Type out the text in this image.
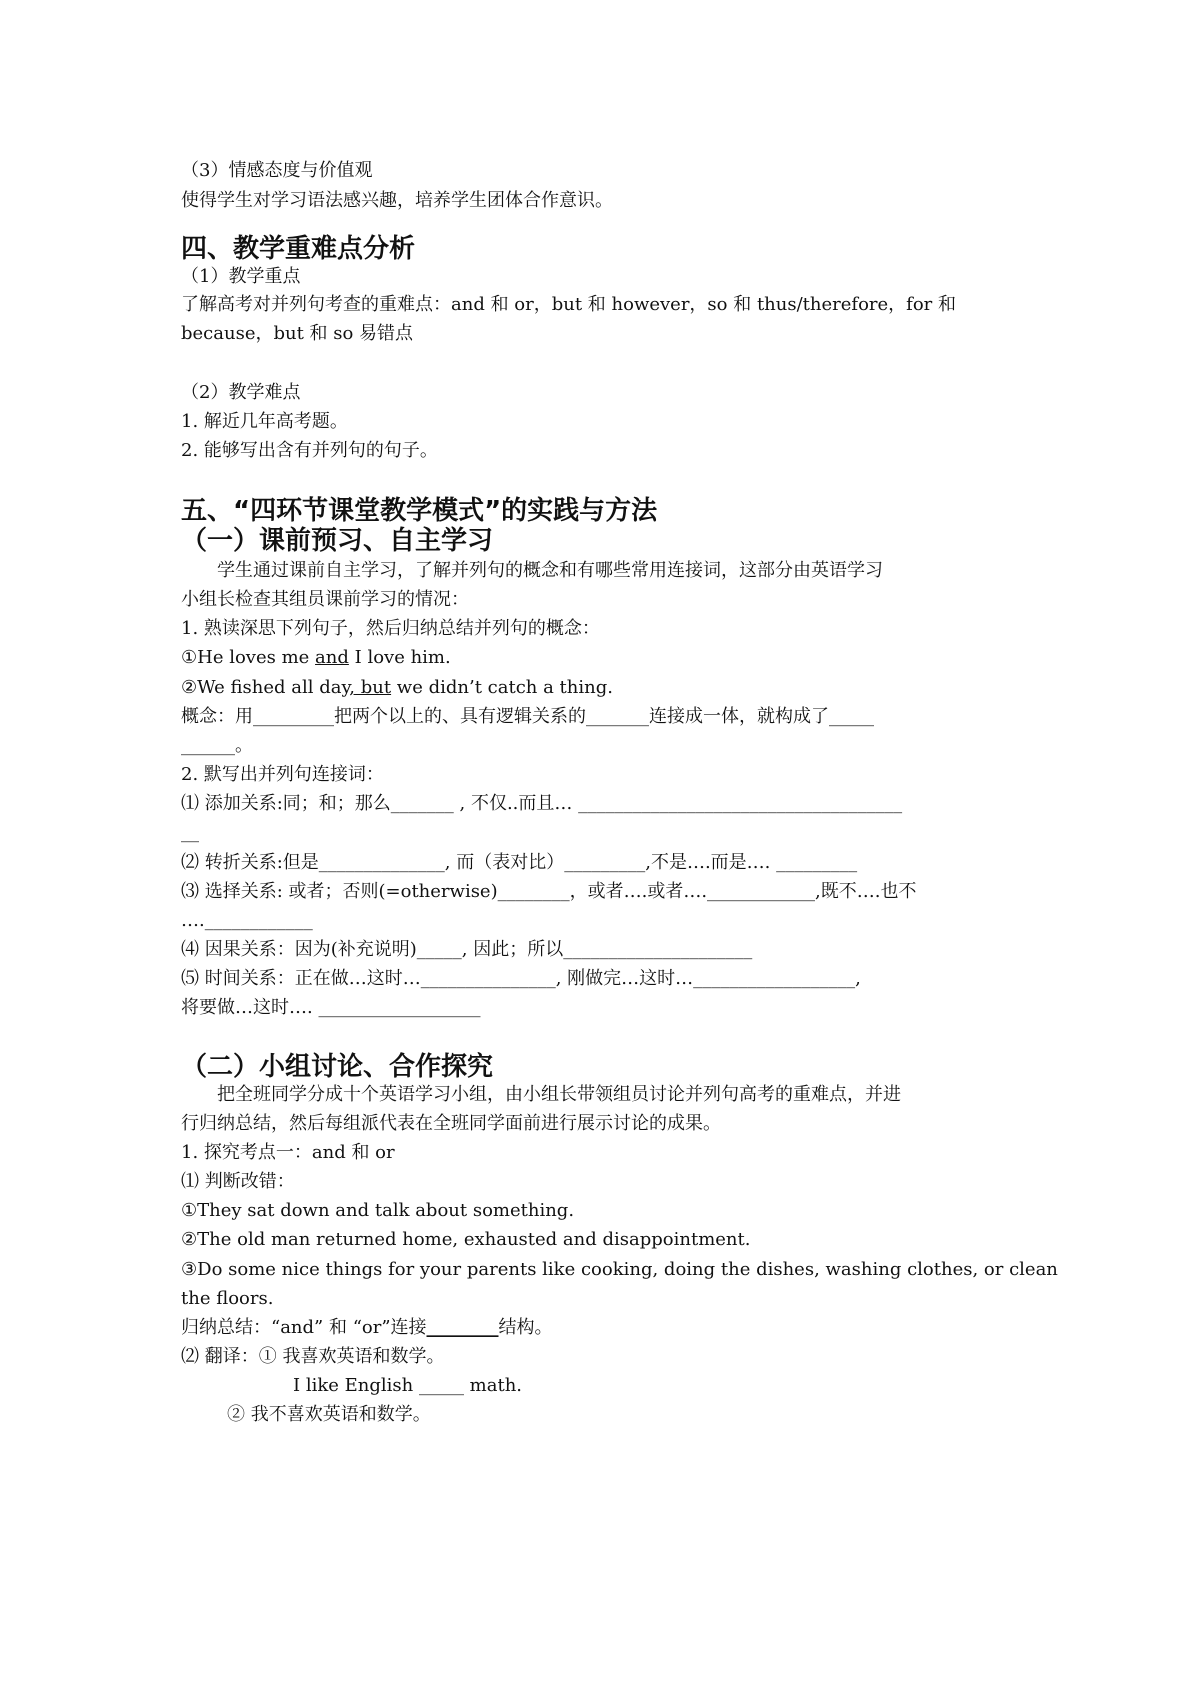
（3）情感态度与价值观
使得学生对学习语法感兴趣，培养学生团体合作意识。
四、教学重难点分析
（1）教学重点
了解高考对并列句考查的重难点：and 和 or，but 和 however，so 和 thus/therefore，for 和
because，but 和 so 易错点
（2）教学难点
1. 解近几年高考题。
2. 能够写出含有并列句的句子。
五、“四环节课堂教学模式”的实践与方法
（一）课前预习、自主学习
学生通过课前自主学习，了解并列句的概念和有哪些常用连接词，这部分由英语学习
小组长检查其组员课前学习的情况：
1. 熟读深思下列句子，然后归纳总结并列句的概念：
①He loves me and I love him.
②We fished all day, but we didn’t catch a thing.
概念：用_________把两个以上的、具有逻辑关系的_______连接成一体，就构成了_____
______。
2. 默写出并列句连接词：
⑴ 添加关系:同；和；那么_______ , 不仅..而且… ____________________________________
__
⑵ 转折关系:但是______________, 而（表对比）_________,不是….而是…. _________
⑶ 选择关系: 或者；否则(=otherwise)________，或者….或者….____________,既不….也不
….____________
⑷ 因果关系：因为(补充说明)_____, 因此；所以_____________________
⑸ 时间关系：正在做…这时…_______________, 刚做完…这时…__________________,
将要做…这时…. __________________
（二）小组讨论、合作探究
把全班同学分成十个英语学习小组，由小组长带领组员讨论并列句高考的重难点，并进
行归纳总结，然后每组派代表在全班同学面前进行展示讨论的成果。
1. 探究考点一：and 和 or
⑴ 判断改错：
①They sat down and talk about something.
②The old man returned home, exhausted and disappointment.
③Do some nice things for your parents like cooking, doing the dishes, washing clothes, or clean
the floors.
归纳总结：“and” 和 “or”连接________结构。
⑵ 翻译：① 我喜欢英语和数学。
I like English _____ math.
② 我不喜欢英语和数学。
